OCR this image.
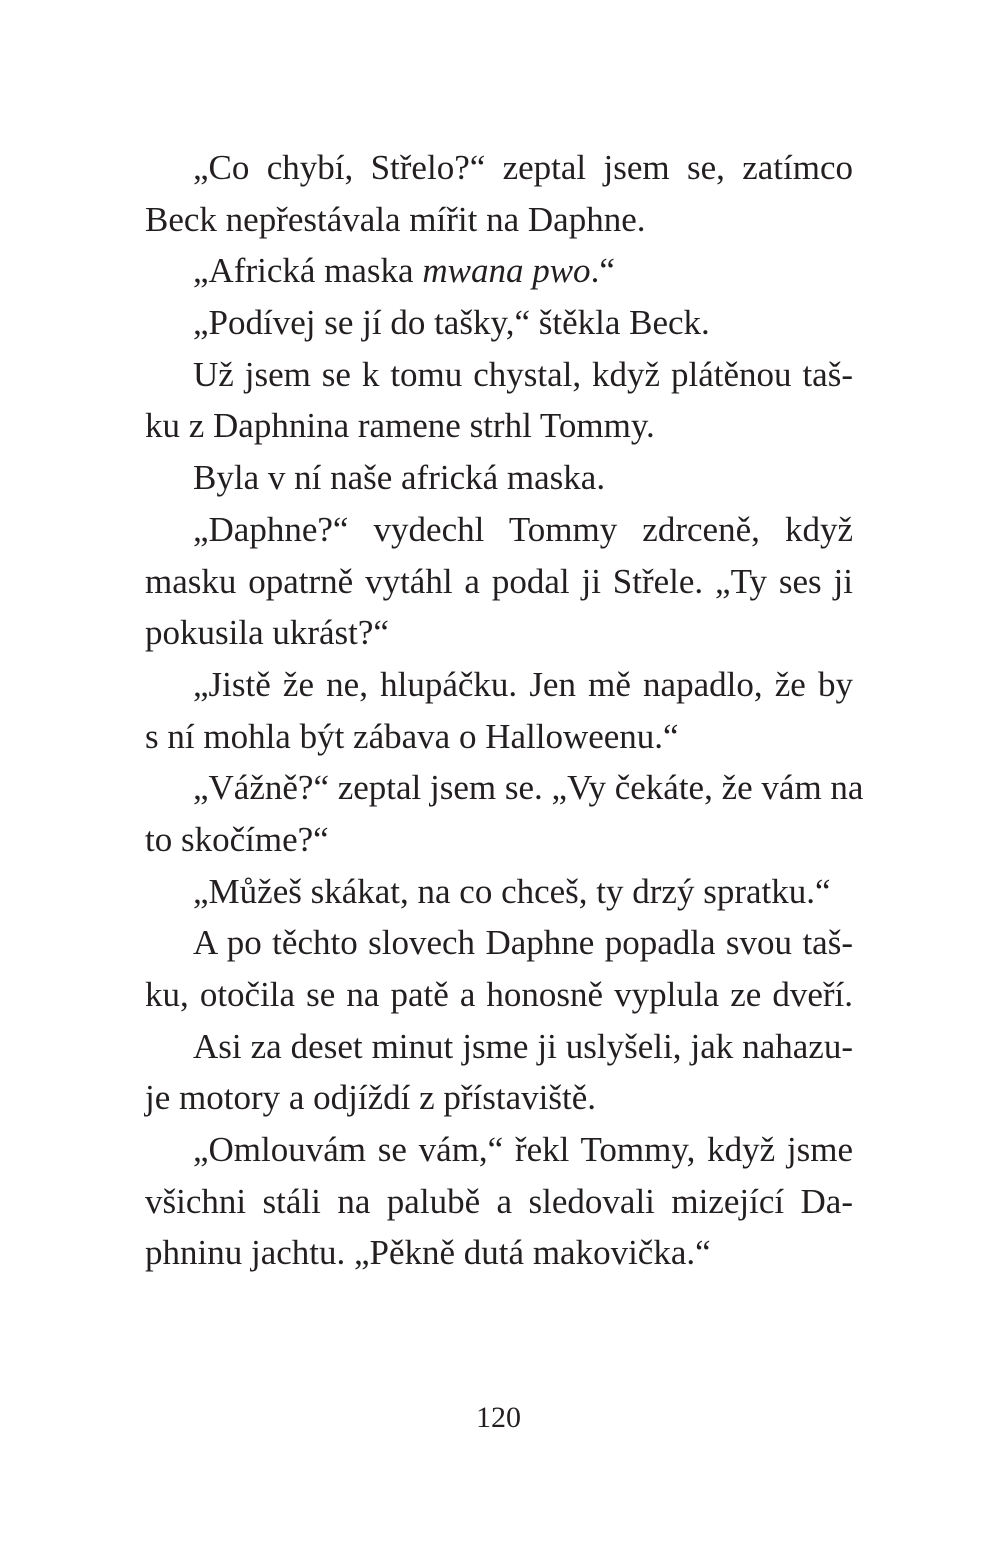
„Co chybí, Střelo?“ zeptal jsem se, zatímco
Beck nepřestávala mířit na Daphne.
„Africká maska mwana pwo.“
„Podívej se jí do tašky,“ štěkla Beck.
Už jsem se k tomu chystal, když plátěnou taš-
ku z Daphnina ramene strhl Tommy.
Byla v ní naše africká maska.
„Daphne?“ vydechl Tommy zdrceně, když
masku opatrně vytáhl a podal ji Střele. „Ty ses ji
pokusila ukrást?“
„Jistě že ne, hlupáčku. Jen mě napadlo, že by
s ní mohla být zábava o Halloweenu.“
„Vážně?“ zeptal jsem se. „Vy čekáte, že vám na
to skočíme?“
„Můžeš skákat, na co chceš, ty drzý spratku.“
A po těchto slovech Daphne popadla svou taš-
ku, otočila se na patě a honosně vyplula ze dveří.
Asi za deset minut jsme ji uslyšeli, jak nahazu-
je motory a odjíždí z přístaviště.
„Omlouvám se vám,“ řekl Tommy, když jsme
všichni stáli na palubě a sledovali mizející Da-
phninu jachtu. „Pěkně dutá makovička.“
120
